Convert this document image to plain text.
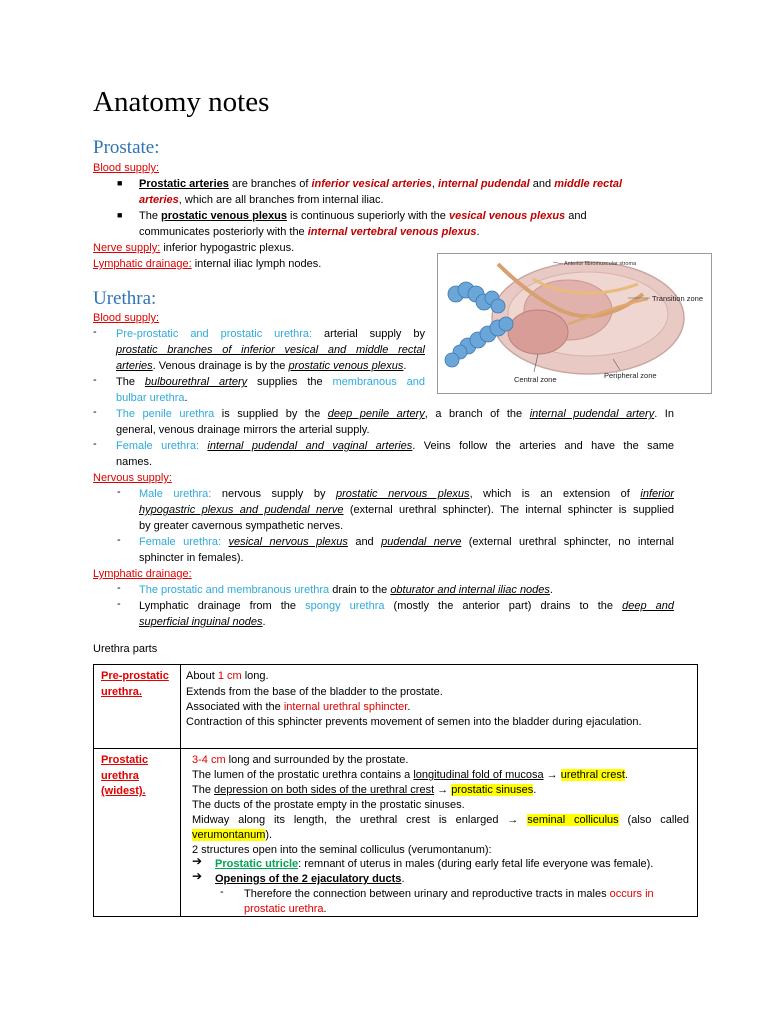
Anatomy notes
Prostate:
Blood supply:
■ Prostatic arteries are branches of inferior vesical arteries, internal pudendal and middle rectal
arteries, which are all branches from internal iliac.
■ The prostatic venous plexus is continuous superiorly with the vesical venous plexus and
communicates posteriorly with the internal vertebral venous plexus.
Nerve supply: inferior hypogastric plexus.
Lymphatic drainage: internal iliac lymph nodes.	Anterior fibromuscular stroma
Transition zone
Central zone	Peripheral zone
Urethra:
Blood supply:
- Pre-prostatic and prostatic urethra: arterial supply by
prostatic branches of inferior vesical and middle rectal
arteries. Venous drainage is by the prostatic venous plexus.
- The bulbourethral artery supplies the membranous and
bulbar urethra.
- The penile urethra is supplied by the deep penile artery, a branch of the internal pudendal artery. In
general, venous drainage mirrors the arterial supply.
- Female urethra: internal pudendal and vaginal arteries. Veins follow the arteries and have the same
names.
Nervous supply:
- Male urethra: nervous supply by prostatic nervous plexus, which is an extension of inferior
hypogastric plexus and pudendal nerve (external urethral sphincter). The internal sphincter is supplied
by greater cavernous sympathetic nerves.
- Female urethra: vesical nervous plexus and pudendal nerve (external urethral sphincter, no internal
sphincter in females).
Lymphatic drainage:
- The prostatic and membranous urethra drain to the obturator and internal iliac nodes.
- Lymphatic drainage from the spongy urethra (mostly the anterior part) drains to the deep and
superficial inguinal nodes.
Urethra parts
Pre-prostatic
urethra.
About 1 cm long.
Extends from the base of the bladder to the prostate.
Associated with the internal urethral sphincter.
Contraction of this sphincter prevents movement of semen into the bladder during ejaculation.
Prostatic
urethra
(widest).
3-4 cm long and surrounded by the prostate.
The lumen of the prostatic urethra contains a longitudinal fold of mucosa → urethral crest.
The depression on both sides of the urethral crest → prostatic sinuses.
The ducts of the prostate empty in the prostatic sinuses.
Midway along its length, the urethral crest is enlarged → seminal colliculus (also called
verumontanum).
2 structures open into the seminal colliculus (verumontanum):
➔ Prostatic utricle: remnant of uterus in males (during early fetal life everyone was female).
➔ Openings of the 2 ejaculatory ducts.
- Therefore the connection between urinary and reproductive tracts in males occurs in
prostatic urethra.
